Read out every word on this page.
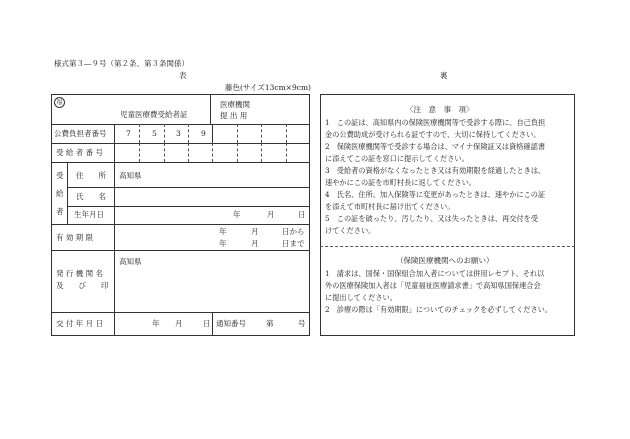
様式第３―９号（第２条、第３条関係）
表	裏
藤色(サイズ13cm×9cm)
福
児童医療費受給者証
医療機関
提 出 用
公費負担者番号	7	5	3	9
受 給 者 番 号
受
給
者
住　　所 高知県
氏　　名
生年月日	年	月	日
有 効 期 限
年	月	日から
年	月	日まで
発 行 機 関 名
及　　び　　印
高知県
交 付 年 月 日	年 月	日 通知番号	第	号
〈注　意　事　項〉
1　この証は、高知県内の保険医療機関等で受診する際に、自己負担
金の公費助成が受けられる証ですので、大切に保持してください。
2　保険医療機関等で受診する場合は、マイナ保険証又は資格確認書
に添えてこの証を窓口に提示してください。
3　受給者の資格がなくなったとき又は有効期限を経過したときは、
速やかにこの証を市町村長に返してください。
4　氏名、住所、加入保険等に変更があったときは、速やかにこの証
を添えて市町村長に届け出てください。
5　この証を破ったり、汚したり、又は失ったときは、再交付を受
けてください。
（保険医療機関へのお願い）
1　請求は、国保・国保組合加入者については併用レセプト、それ以
外の医療保険加入者は「児童福祉医療請求書」で高知県国保連合会
に提出してください。
2　診療の際は「有効期限」についてのチェックを必ずしてください。
